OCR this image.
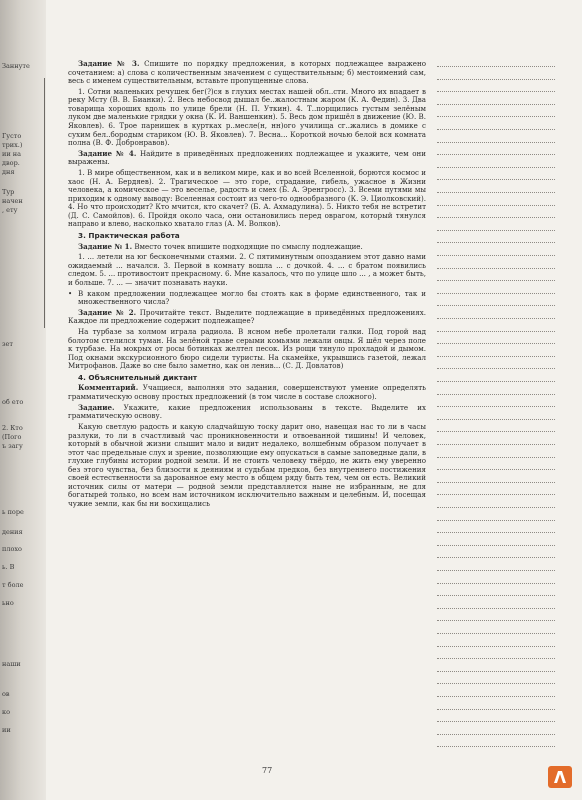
Заннуте
Густо
трих.)
ии на
двор.
дня
Тур
начен
, ету
зет
об ето
2. Кто
(Пого
ъ загу
ь поре
дения
плохо
ь. В
т боле
ьно
наши
ов
ко
ии

Задание № 3. Спишите по порядку предложения, в которых подлежащее выражено сочетанием: а) слова с количественным значением с существительным; б) местоимений сам, весь с именем существительным, вставьте пропущенные слова.

1. Сотни маленьких речушек бег(?)ся в глухих местах нашей обл..сти. Много их впадает в реку Мсту (В. В. Бианки). 2. Весь небосвод дышал бе..жалостным жаром (К. А. Федин). 3. Два товарища хороших вдоль по улице брели (Н. П. Уткин). 4. Т..порщились густым зелёным луком две маленькие грядки у окна (К. И. Ваншенкин). 5. Весь дом пришёл в движение (Ю. В. Яковлев). 6. Трое парнишек в куртках р..месле(н, нн)ого училища сг..жались в домике с сухим бел..бородым стариком (Ю. В. Яковлев). 7. Весна... Короткой ночью белой вся комната полна (В. Ф. Добронравов).

Задание № 4. Найдите в приведённых предложениях подлежащее и укажите, чем они выражены.

1. В мире общественном, как и в великом мире, как и во всей Вселенной, борются космос и хаос (Н. А. Бердяев). 2. Трагическое — это горе, страдание, гибель, ужасное в Жизни человека, а комическое — это веселье, радость и смех (Б. А. Эренгросс). 3. Всеми путями мы приходим к одному выводу: Вселенная состоит из чего-то однообразного (К. Э. Циолковский). 4. Но что происходит? Кто мчится, кто скачет? (Б. А. Ахмадулина). 5. Никто тебя не встретит (Д. С. Самойлов). 6. Пройдя около часа, они остановились перед оврагом, который тянулся направо и влево, насколько хватало глаз (А. М. Волков).

3. Практическая работа

Задание № 1. Вместо точек впишите подходящие по смыслу подлежащие.

1. ... летели на юг бесконечными стаями. 2. С пятиминутным опозданием этот давно нами ожидаемый ... начался. 3. Первой в комнату вошла ... с дочкой. 4. ... с братом появились следом. 5. ... противостоит прекрасному. 6. Мне казалось, что по улице шло ... , а может быть, и больше. 7. ... — значит познавать науки.

• В каком предложении подлежащее могло бы стоять как в форме единственного, так и множественного числа?

Задание № 2. Прочитайте текст. Выделите подлежащие в приведённых предложениях. Каждое ли предложение содержит подлежащее?

На турбазе за холмом играла радиола. В ясном небе пролетали галки. Под горой над болотом стелился туман. На зелёной траве серыми комьями лежали овцы. Я шёл через поле к турбазе. На мокрых от росы ботинках желтел песок. Из рощи тянуло прохладой и дымом. Под окнами экскурсионного бюро сидели туристы. На скамейке, укрывшись газетой, лежал Митрофанов. Даже во сне было заметно, как он ленив... (С. Д. Довлатов)

4. Объяснительный диктант

Комментарий. Учащиеся, выполняя это задания, совершенствуют умение определять грамматическую основу простых предложений (в том числе в составе сложного).

Задание. Укажите, какие предложения использованы в тексте. Выделите их грамматическую основу.

Какую светлую радость и какую сладчайшую тоску дарит оно, навещая нас то ли в часы разлуки, то ли в счастливый час проникновенности и отвоеванной тишины! И человек, который в обычной жизни слышит мало и видит недалеко, волшебным образом получает в этот час предельные слух и зрение, позволяющие ему опускаться в самые заповедные дали, в глухие глубины истории родной земли. И не стоить человеку твёрдо, не жить ему уверенно без этого чувства, без близости к деяниям и судьбам предков, без внутреннего постижения своей естественности за дарованное ему место в общем ряду быть тем, чем он есть. Великий источник силы от матери — родной земли представляется ныне не избранным, не для богатырей только, но всем нам источником исключительно важным и целебным. И, посещая чужие земли, как бы ни восхищались

77
